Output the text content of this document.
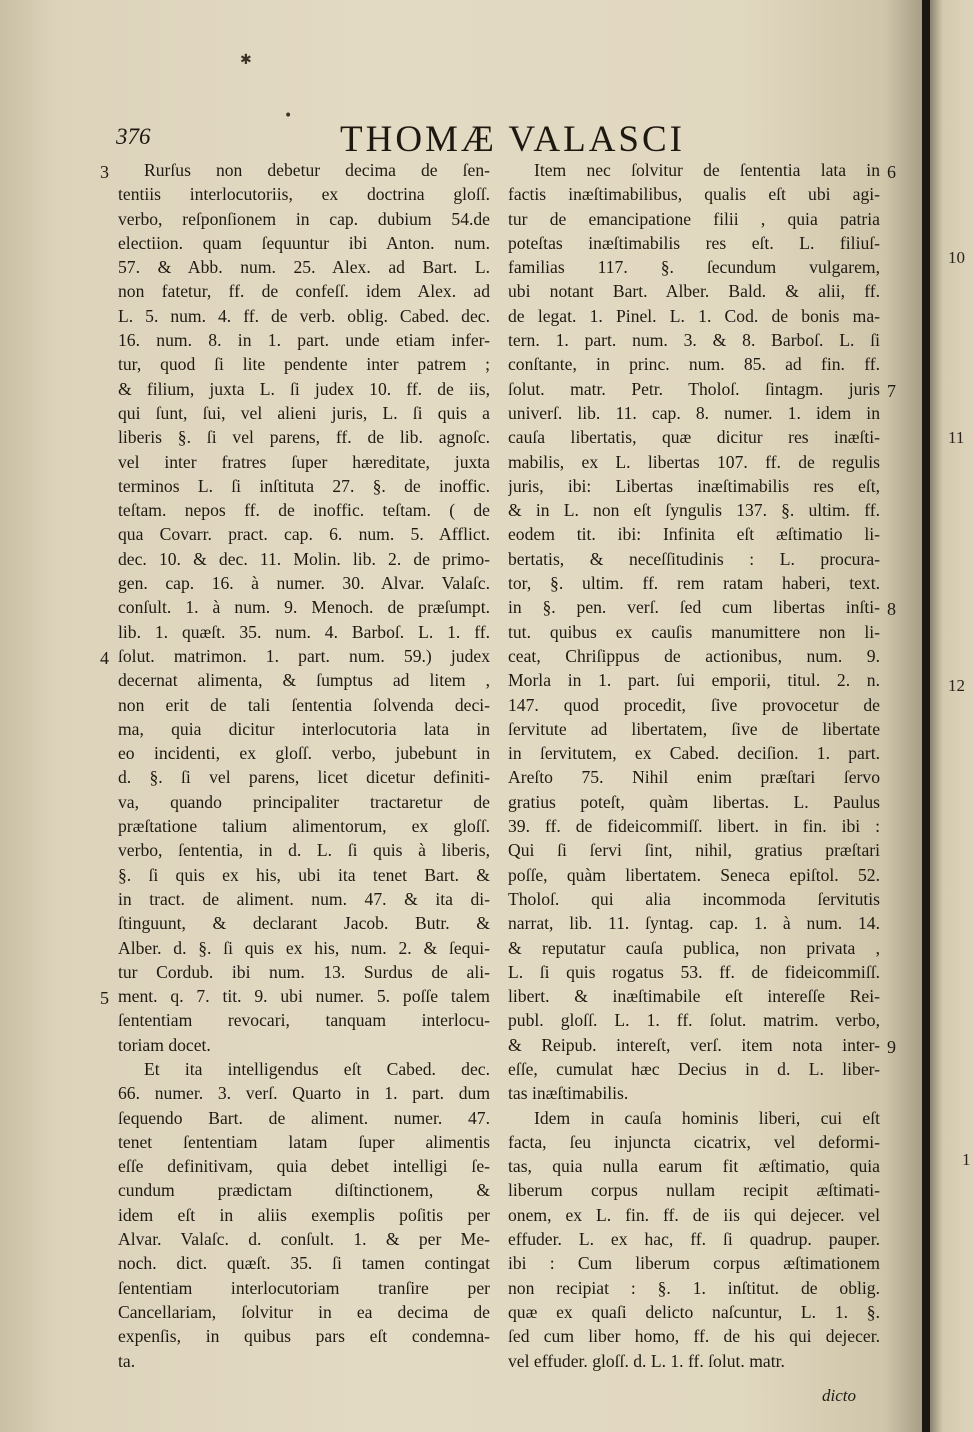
✱
•
376	THOMÆ VALASCI
Rurſus non debetur decima de ſen-
tentiis interlocutoriis, ex doctrina gloſſ.
verbo, reſponſionem in cap. dubium 54.de
electiion. quam ſequuntur ibi Anton. num.
57. & Abb. num. 25. Alex. ad Bart. L.
non fatetur, ff. de confeſſ. idem Alex. ad
L. 5. num. 4. ff. de verb. oblig. Cabed. dec.
16. num. 8. in 1. part. unde etiam infer-
tur, quod ſi lite pendente inter patrem ;
& filium, juxta L. ſi judex 10. ff. de iis,
qui ſunt, ſui, vel alieni juris, L. ſi quis a
liberis §. ſi vel parens, ff. de lib. agnoſc.
vel inter fratres ſuper hæreditate, juxta
terminos L. ſi inſtituta 27. §. de inoffic.
teſtam. nepos ff. de inoffic. teſtam. ( de
qua Covarr. pract. cap. 6. num. 5. Afflict.
dec. 10. & dec. 11. Molin. lib. 2. de primo-
gen. cap. 16. à numer. 30. Alvar. Valaſc.
conſult. 1. à num. 9. Menoch. de præſumpt.
lib. 1. quæſt. 35. num. 4. Barboſ. L. 1. ff.
ſolut. matrimon. 1. part. num. 59.) judex
decernat alimenta, & ſumptus ad litem ,
non erit de tali ſententia ſolvenda deci-
ma, quia dicitur interlocutoria lata in
eo incidenti, ex gloſſ. verbo, jubebunt in
d. §. ſi vel parens, licet dicetur definiti-
va, quando principaliter tractaretur de
præſtatione talium alimentorum, ex gloſſ.
verbo, ſententia, in d. L. ſi quis à liberis,
§. ſi quis ex his, ubi ita tenet Bart. &
in tract. de aliment. num. 47. & ita di-
ſtinguunt, & declarant Jacob. Butr. &
Alber. d. §. ſi quis ex his, num. 2. & ſequi-
tur Cordub. ibi num. 13. Surdus de ali-
ment. q. 7. tit. 9. ubi numer. 5. poſſe talem
ſententiam revocari, tanquam interlocu-
toriam docet.
Et ita intelligendus eſt Cabed. dec.
66. numer. 3. verſ. Quarto in 1. part. dum
ſequendo Bart. de aliment. numer. 47.
tenet ſententiam latam ſuper alimentis
eſſe definitivam, quia debet intelligi ſe-
cundum prædictam diſtinctionem, &
idem eſt in aliis exemplis poſitis per
Alvar. Valaſc. d. conſult. 1. & per Me-
noch. dict. quæſt. 35. ſi tamen contingat
ſententiam interlocutoriam tranſire per
Cancellariam, ſolvitur in ea decima de
expenſis, in quibus pars eſt condemna-
ta.
Item nec ſolvitur de ſententia lata in
factis inæſtimabilibus, qualis eſt ubi agi-
tur de emancipatione filii , quia patria
poteſtas inæſtimabilis res eſt. L. filiuſ-
familias 117. §. ſecundum vulgarem,
ubi notant Bart. Alber. Bald. & alii, ff.
de legat. 1. Pinel. L. 1. Cod. de bonis ma-
tern. 1. part. num. 3. & 8. Barboſ. L. ſi
conſtante, in princ. num. 85. ad fin. ff.
ſolut. matr. Petr. Tholoſ. ſintagm. juris
univerſ. lib. 11. cap. 8. numer. 1. idem in
cauſa libertatis, quæ dicitur res inæſti-
mabilis, ex L. libertas 107. ff. de regulis
juris, ibi: Libertas inæſtimabilis res eſt,
& in L. non eſt ſyngulis 137. §. ultim. ff.
eodem tit. ibi: Infinita eſt æſtimatio li-
bertatis, & neceſſitudinis : L. procura-
tor, §. ultim. ff. rem ratam haberi, text.
in §. pen. verſ. ſed cum libertas inſti-
tut. quibus ex cauſis manumittere non li-
ceat, Chriſippus de actionibus, num. 9.
Morla in 1. part. ſui emporii, titul. 2. n.
147. quod procedit, ſive provocetur de
ſervitute ad libertatem, ſive de libertate
in ſervitutem, ex Cabed. deciſion. 1. part.
Areſto 75. Nihil enim præſtari ſervo
gratius poteſt, quàm libertas. L. Paulus
39. ff. de fideicommiſſ. libert. in fin. ibi :
Qui ſi ſervi ſint, nihil, gratius præſtari
poſſe, quàm libertatem. Seneca epiſtol. 52.
Tholoſ. qui alia incommoda ſervitutis
narrat, lib. 11. ſyntag. cap. 1. à num. 14.
& reputatur cauſa publica, non privata ,
L. ſi quis rogatus 53. ff. de fideicommiſſ.
libert. & inæſtimabile eſt intereſſe Rei-
publ. gloſſ. L. 1. ff. ſolut. matrim. verbo,
& Reipub. intereſt, verſ. item nota inter-
eſſe, cumulat hæc Decius in d. L. liber-
tas inæſtimabilis.
Idem in cauſa hominis liberi, cui eſt
facta, ſeu injuncta cicatrix, vel deformi-
tas, quia nulla earum fit æſtimatio, quia
liberum corpus nullam recipit æſtimati-
onem, ex L. fin. ff. de iis qui dejecer. vel
effuder. L. ex hac, ff. ſi quadrup. pauper.
ibi : Cum liberum corpus æſtimationem
non recipiat : §. 1. inſtitut. de oblig.
quæ ex quaſi delicto naſcuntur, L. 1. §.
ſed cum liber homo, ff. de his qui dejecer.
vel effuder. gloſſ. d. L. 1. ff. ſolut. matr.
3
4
5
6
7
8
9
dicto
10
11
12
1
